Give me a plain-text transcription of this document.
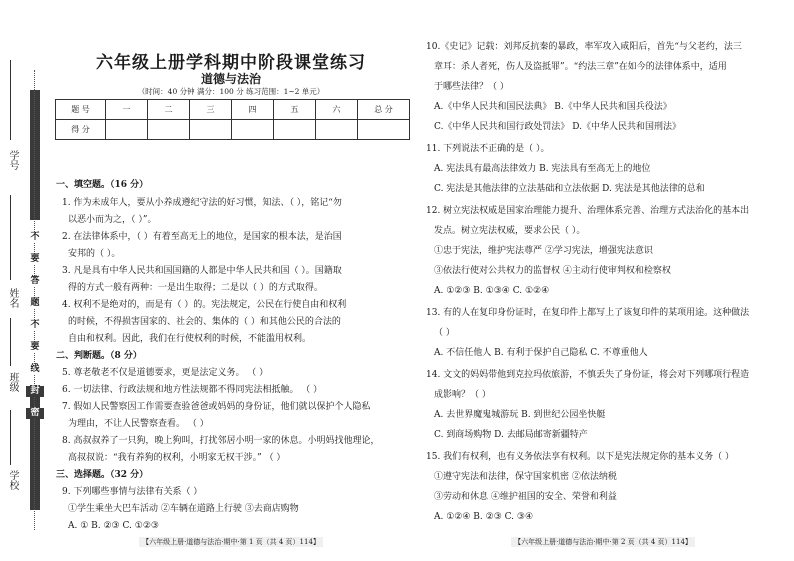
不
要
答
题
不
要
线
封
密
学号
姓名
班级
学校
六年级上册学科期中阶段课堂练习
道德与法治
（时间：40 分钟 满分：100 分 练习范围：1~2 单元）
题 号	一	二	三	四	五	六	总 分
得 分							
一、填空题。（16 分）
1. 作为未成年人，要从小养成遵纪守法的好习惯，知法、（ ），铭记“勿
以恶小而为之，（ ）”。
2. 在法律体系中，（ ）有着至高无上的地位，是国家的根本法，是治国
安邦的（ ）。
3. 凡是具有中华人民共和国国籍的人都是中华人民共和国（ ）。国籍取
得的方式一般有两种：一是出生取得；二是以（ ）的方式取得。
4. 权利不是绝对的，而是有（ ）的。宪法规定，公民在行使自由和权利
的时候，不得损害国家的、社会的、集体的（ ）和其他公民的合法的
自由和权利。因此，我们在行使权利的时候，不能滥用权利。
二、判断题。（8 分）
5. 尊老敬老不仅是道德要求，更是法定义务。 （ ）
6. 一切法律、行政法规和地方性法规都不得同宪法相抵触。 （ ）
7. 假如人民警察因工作需要查验爸爸或妈妈的身份证，他们就以保护个人隐私
为理由，不让人民警察查看。 （ ）
8. 高叔叔养了一只狗，晚上狗叫，打扰邻居小明一家的休息。小明妈找他理论，
高叔叔说：“我有养狗的权利，小明家无权干涉。” （ ）
三、选择题。（32 分）
9. 下列哪些事情与法律有关系（ ）
①学生乘坐大巴车活动 ②车辆在道路上行驶 ③去商店购物
A. ① B. ②③ C. ①②③
【六年级上册·道德与法治·期中·第 1 页（共 4 页）114】
10.《史记》记载：刘邦反抗秦的暴政，率军攻入咸阳后，首先“与父老约，法三
章耳：杀人者死，伤人及盗抵罪”。“约法三章”在如今的法律体系中，适用
于哪些法律？（ ）
A.《中华人民共和国民法典》 B.《中华人民共和国兵役法》
C.《中华人民共和国行政处罚法》 D.《中华人民共和国刑法》
11. 下列说法不正确的是（ ）。
A. 宪法具有最高法律效力 B. 宪法具有至高无上的地位
C. 宪法是其他法律的立法基础和立法依据 D. 宪法是其他法律的总和
12. 树立宪法权威是国家治理能力提升、治理体系完善、治理方式法治化的基本出
发点。树立宪法权威，要求公民（ ）。
①忠于宪法，维护宪法尊严 ②学习宪法，增强宪法意识
③依法行使对公共权力的监督权 ④主动行使审判权和检察权
A. ①②③ B. ①③④ C. ①②④
13. 有的人在复印身份证时，在复印件上都写上了该复印件的某项用途。这种做法
（ ）
A. 不信任他人 B. 有利于保护自己隐私 C. 不尊重他人
14. 文文的妈妈带他到克拉玛依旅游，不慎丢失了身份证，将会对下列哪项行程造
成影响？（ ）
A. 去世界魔鬼城游玩 B. 到世纪公园坐快艇
C. 到商场购物 D. 去邮局邮寄新疆特产
15. 我们有权利，也有义务依法享有权利。以下是宪法规定你的基本义务（ ）
①遵守宪法和法律，保守国家机密 ②依法纳税
③劳动和休息 ④维护祖国的安全、荣誉和利益
A. ①②④ B. ②③ C. ③④
【六年级上册·道德与法治·期中·第 2 页（共 4 页）114】
